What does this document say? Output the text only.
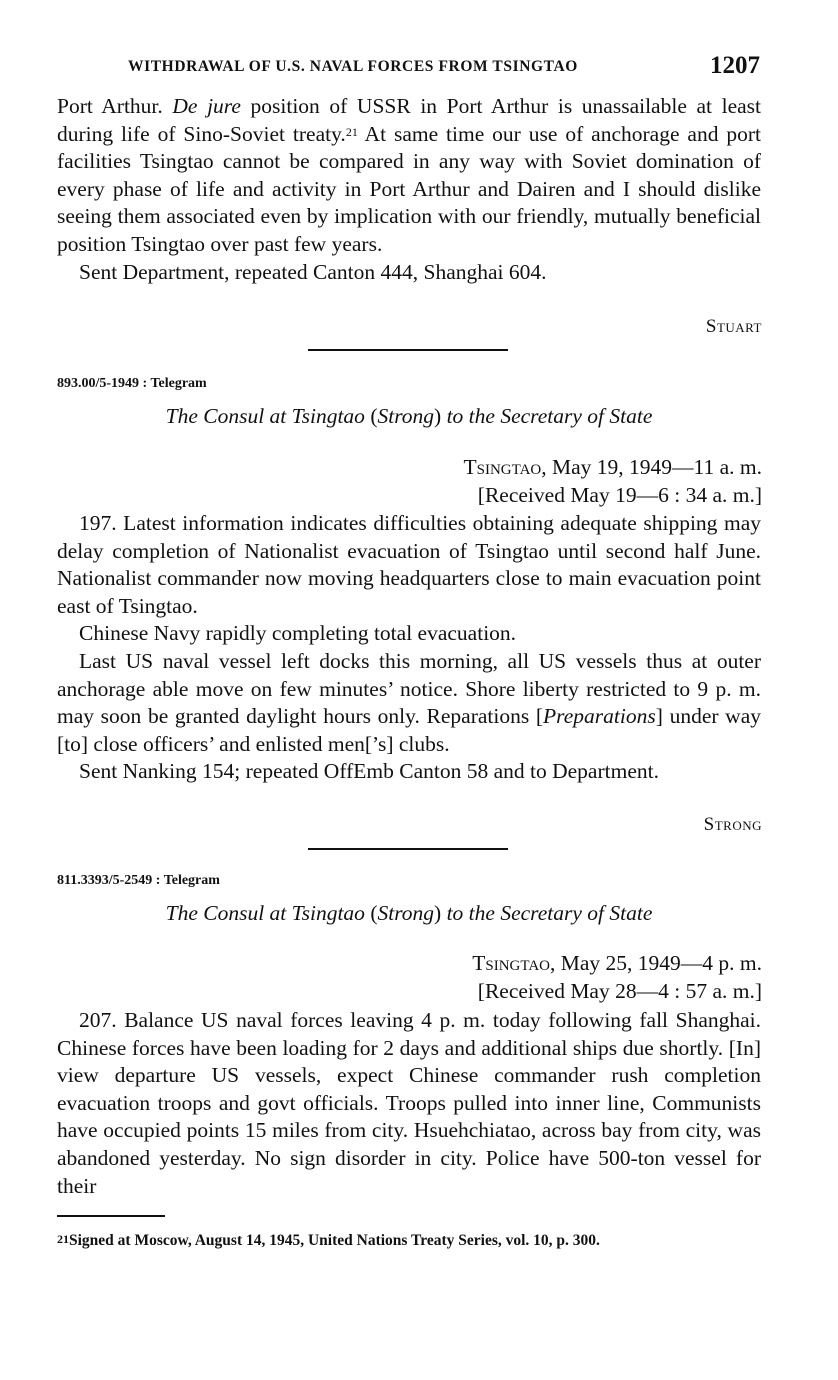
WITHDRAWAL OF U.S. NAVAL FORCES FROM TSINGTAO	1207

Port Arthur. De jure position of USSR in Port Arthur is unassailable at least during life of Sino-Soviet treaty.$^{21}$ At same time our use of anchorage and port facilities Tsingtao cannot be compared in any way with Soviet domination of every phase of life and activity in Port Arthur and Dairen and I should dislike seeing them associated even by implication with our friendly, mutually beneficial position Tsingtao over past few years.

Sent Department, repeated Canton 444, Shanghai 604.

Stuart
893.00/5-1949 : Telegram
The Consul at Tsingtao (Strong) to the Secretary of State
Tsingtao, May 19, 1949—11 a. m.
[Received May 19—6 : 34 a. m.]

197. Latest information indicates difficulties obtaining adequate shipping may delay completion of Nationalist evacuation of Tsingtao until second half June. Nationalist commander now moving headquarters close to main evacuation point east of Tsingtao.

Chinese Navy rapidly completing total evacuation.

Last US naval vessel left docks this morning, all US vessels thus at outer anchorage able move on few minutes’ notice. Shore liberty restricted to 9 p. m. may soon be granted daylight hours only. Reparations [Preparations] under way [to] close officers’ and enlisted men[’s] clubs.

Sent Nanking 154; repeated OffEmb Canton 58 and to Department.

Strong
811.3393/5-2549 : Telegram
The Consul at Tsingtao (Strong) to the Secretary of State
Tsingtao, May 25, 1949—4 p. m.
[Received May 28—4 : 57 a. m.]

207. Balance US naval forces leaving 4 p. m. today following fall Shanghai. Chinese forces have been loading for 2 days and additional ships due shortly. [In] view departure US vessels, expect Chinese commander rush completion evacuation troops and govt officials. Troops pulled into inner line, Communists have occupied points 15 miles from city. Hsuehchiatao, across bay from city, was abandoned yesterday. No sign disorder in city. Police have 500-ton vessel for their

$^{21}$Signed at Moscow, August 14, 1945, United Nations Treaty Series, vol. 10, p. 300.
